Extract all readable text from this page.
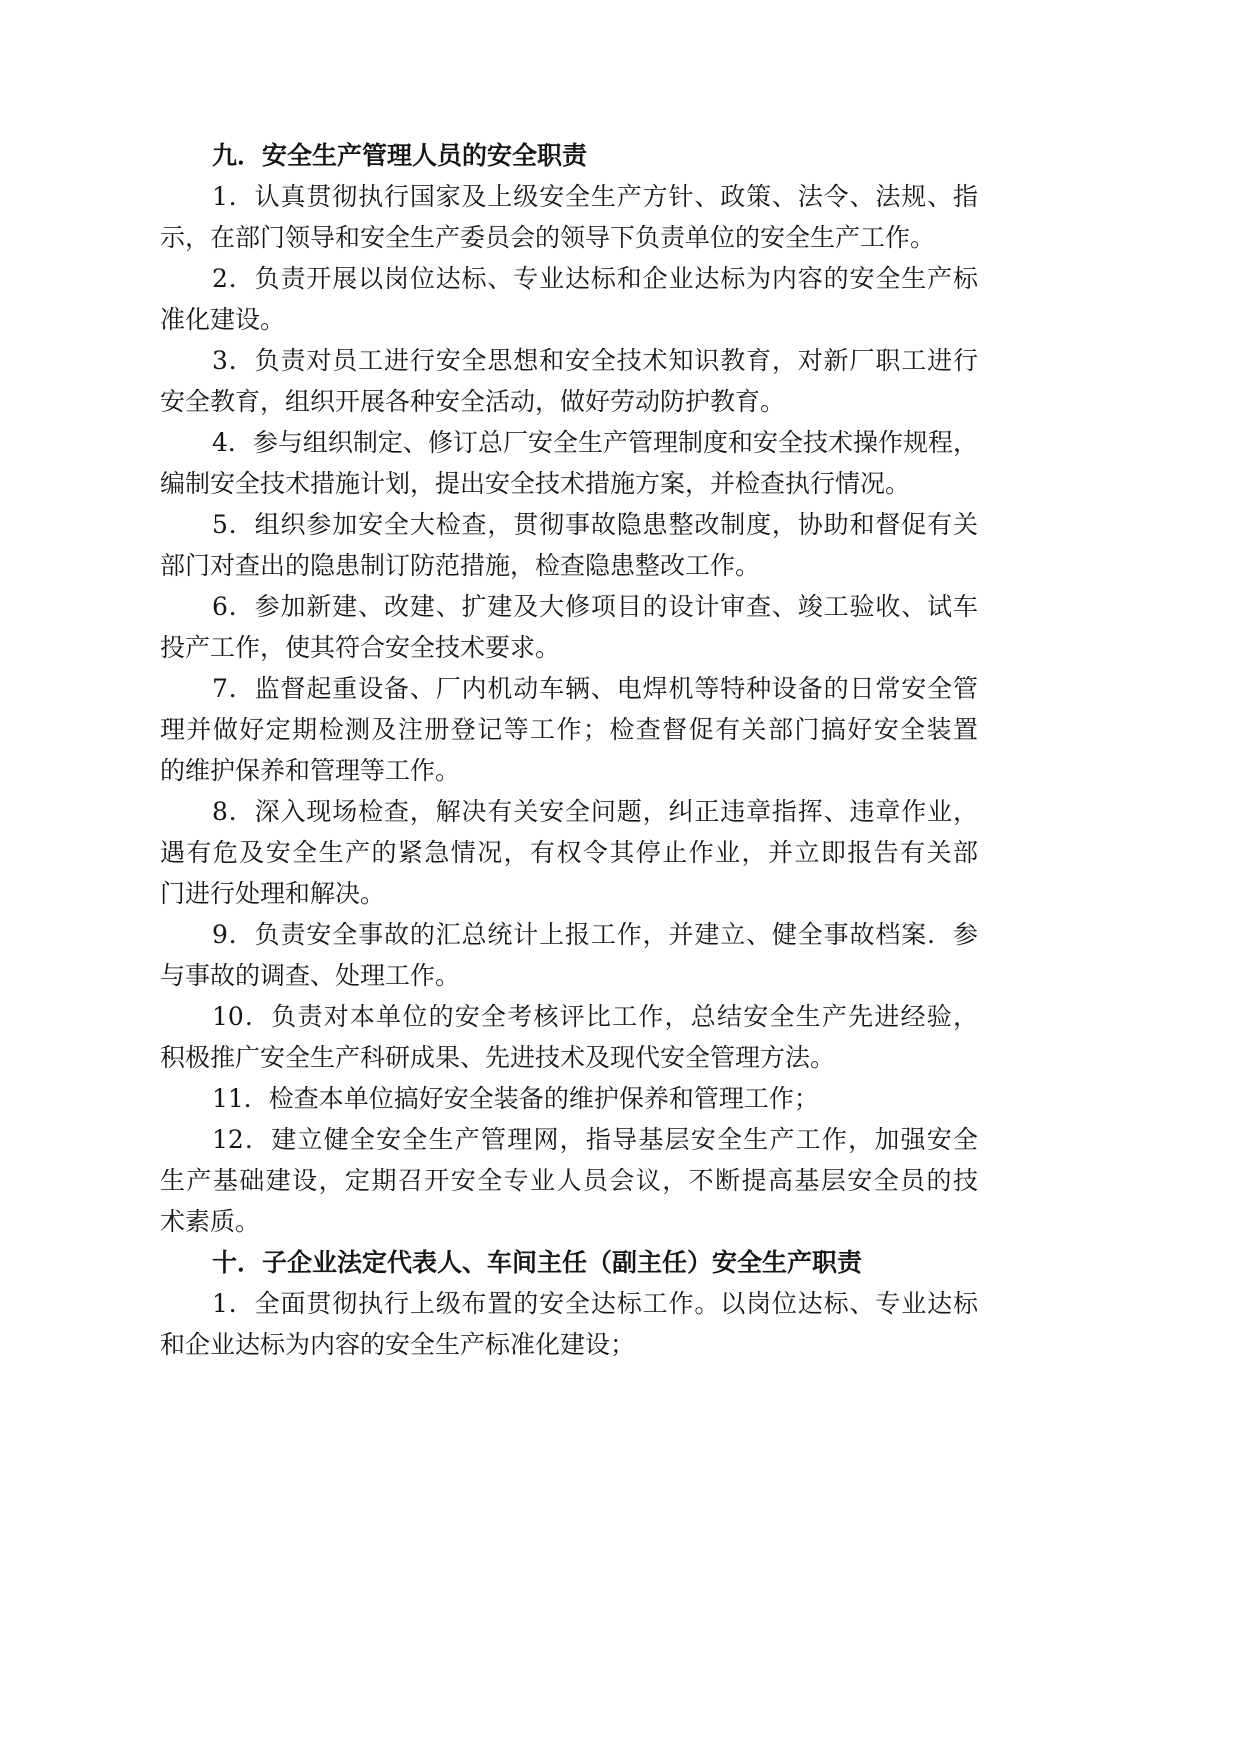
九．安全生产管理人员的安全职责
1．认真贯彻执行国家及上级安全生产方针、政策、法令、法规、指
示，在部门领导和安全生产委员会的领导下负责单位的安全生产工作。
2．负责开展以岗位达标、专业达标和企业达标为内容的安全生产标
准化建设。
3．负责对员工进行安全思想和安全技术知识教育，对新厂职工进行
安全教育，组织开展各种安全活动，做好劳动防护教育。
4．参与组织制定、修订总厂安全生产管理制度和安全技术操作规程，
编制安全技术措施计划，提出安全技术措施方案，并检查执行情况。
5．组织参加安全大检查，贯彻事故隐患整改制度，协助和督促有关
部门对查出的隐患制订防范措施，检查隐患整改工作。
6．参加新建、改建、扩建及大修项目的设计审查、竣工验收、试车
投产工作，使其符合安全技术要求。
7．监督起重设备、厂内机动车辆、电焊机等特种设备的日常安全管
理并做好定期检测及注册登记等工作；检查督促有关部门搞好安全装置
的维护保养和管理等工作。
8．深入现场检查，解决有关安全问题，纠正违章指挥、违章作业，
遇有危及安全生产的紧急情况，有权令其停止作业，并立即报告有关部
门进行处理和解决。
9．负责安全事故的汇总统计上报工作，并建立、健全事故档案．参
与事故的调查、处理工作。
10．负责对本单位的安全考核评比工作，总结安全生产先进经验，
积极推广安全生产科研成果、先进技术及现代安全管理方法。
11．检查本单位搞好安全装备的维护保养和管理工作；
12．建立健全安全生产管理网，指导基层安全生产工作，加强安全
生产基础建设，定期召开安全专业人员会议，不断提高基层安全员的技
术素质。
十．子企业法定代表人、车间主任（副主任）安全生产职责
1．全面贯彻执行上级布置的安全达标工作。以岗位达标、专业达标
和企业达标为内容的安全生产标准化建设；
